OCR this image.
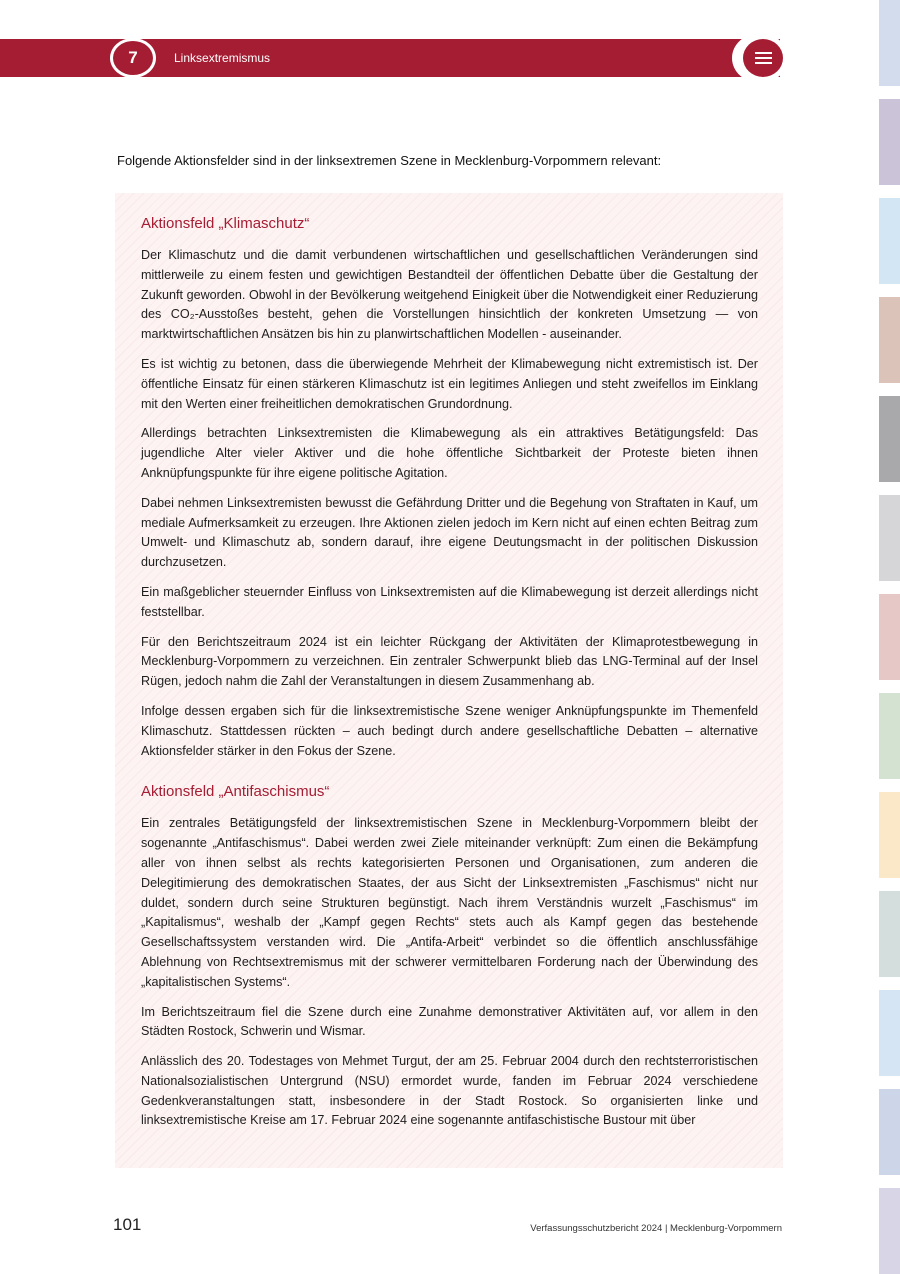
7	Linksextremismus

Folgende Aktionsfelder sind in der linksextremen Szene in Mecklenburg-Vorpommern relevant:

Aktionsfeld „Klimaschutz“

Der Klimaschutz und die damit verbundenen wirtschaftlichen und gesellschaftlichen Veränderungen sind mittlerweile zu einem festen und gewichtigen Bestandteil der öffentlichen Debatte über die Gestaltung der Zukunft geworden. Obwohl in der Bevölkerung weitgehend Einigkeit über die Notwendigkeit einer Reduzierung des CO₂-Ausstoßes besteht, gehen die Vorstellungen hinsichtlich der konkreten Umsetzung — von marktwirtschaftlichen Ansätzen bis hin zu planwirtschaftlichen Modellen - auseinander.

Es ist wichtig zu betonen, dass die überwiegende Mehrheit der Klimabewegung nicht extremistisch ist. Der öffentliche Einsatz für einen stärkeren Klimaschutz ist ein legitimes Anliegen und steht zweifellos im Einklang mit den Werten einer freiheitlichen demokratischen Grundordnung.

Allerdings betrachten Linksextremisten die Klimabewegung als ein attraktives Betätigungsfeld: Das jugendliche Alter vieler Aktiver und die hohe öffentliche Sichtbarkeit der Proteste bieten ihnen Anknüpfungspunkte für ihre eigene politische Agitation.

Dabei nehmen Linksextremisten bewusst die Gefährdung Dritter und die Begehung von Straftaten in Kauf, um mediale Aufmerksamkeit zu erzeugen. Ihre Aktionen zielen jedoch im Kern nicht auf einen echten Beitrag zum Umwelt- und Klimaschutz ab, sondern darauf, ihre eigene Deutungsmacht in der politischen Diskussion durchzusetzen.

Ein maßgeblicher steuernder Einfluss von Linksextremisten auf die Klimabewegung ist derzeit allerdings nicht feststellbar.

Für den Berichtszeitraum 2024 ist ein leichter Rückgang der Aktivitäten der Klimaprotestbewegung in Mecklenburg-Vorpommern zu verzeichnen. Ein zentraler Schwerpunkt blieb das LNG-Terminal auf der Insel Rügen, jedoch nahm die Zahl der Veranstaltungen in diesem Zusammenhang ab.

Infolge dessen ergaben sich für die linksextremistische Szene weniger Anknüpfungspunkte im Themenfeld Klimaschutz. Stattdessen rückten – auch bedingt durch andere gesellschaftliche Debatten – alternative Aktionsfelder stärker in den Fokus der Szene.

Aktionsfeld „Antifaschismus“

Ein zentrales Betätigungsfeld der linksextremistischen Szene in Mecklenburg-Vorpommern bleibt der sogenannte „Antifaschismus“. Dabei werden zwei Ziele miteinander verknüpft: Zum einen die Bekämpfung aller von ihnen selbst als rechts kategorisierten Personen und Organisationen, zum anderen die Delegitimierung des demokratischen Staates, der aus Sicht der Linksextremisten „Faschismus“ nicht nur duldet, sondern durch seine Strukturen begünstigt. Nach ihrem Verständnis wurzelt „Faschismus“ im „Kapitalismus“, weshalb der „Kampf gegen Rechts“ stets auch als Kampf gegen das bestehende Gesellschaftssystem verstanden wird. Die „Antifa-Arbeit“ verbindet so die öffentlich anschlussfähige Ablehnung von Rechtsextremismus mit der schwerer vermittelbaren Forderung nach der Überwindung des „kapitalistischen Systems“.

Im Berichtszeitraum fiel die Szene durch eine Zunahme demonstrativer Aktivitäten auf, vor allem in den Städten Rostock, Schwerin und Wismar.

Anlässlich des 20. Todestages von Mehmet Turgut, der am 25. Februar 2004 durch den rechtsterroristischen Nationalsozialistischen Untergrund (NSU) ermordet wurde, fanden im Februar 2024 verschiedene Gedenkveranstaltungen statt, insbesondere in der Stadt Rostock. So organisierten linke und linksextremistische Kreise am 17. Februar 2024 eine sogenannte antifaschistische Bustour mit über

101	Verfassungsschutzbericht 2024 | Mecklenburg-Vorpommern
